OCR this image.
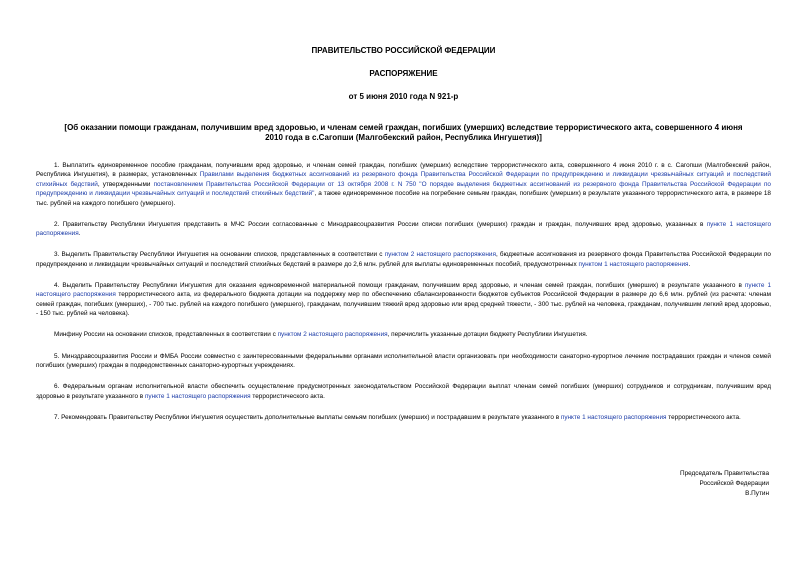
ПРАВИТЕЛЬСТВО РОССИЙСКОЙ ФЕДЕРАЦИИ
РАСПОРЯЖЕНИЕ
от 5 июня 2010 года N 921-р
[Об оказании помощи гражданам, получившим вред здоровью, и членам семей граждан, погибших (умерших) вследствие террористического акта, совершенного 4 июня 2010 года в с.Сагопши (Малгобекский район, Республика Ингушетия)]

1. Выплатить единовременное пособие гражданам, получившим вред здоровью, и членам семей граждан, погибших (умерших) вследствие террористического акта, совершенного 4 июня 2010 г. в с. Сагопши (Малгобекский район, Республика Ингушетия), в размерах, установленных Правилами выделения бюджетных ассигнований из резервного фонда Правительства Российской Федерации по предупреждению и ликвидации чрезвычайных ситуаций и последствий стихийных бедствий, утвержденными постановлением Правительства Российской Федерации от 13 октября 2008 г. N 750 "О порядке выделения бюджетных ассигнований из резервного фонда Правительства Российской Федерации по предупреждению и ликвидации чрезвычайных ситуаций и последствий стихийных бедствий", а также единовременное пособие на погребение семьям граждан, погибших (умерших) в результате указанного террористического акта, в размере 18 тыс. рублей на каждого погибшего (умершего).

2. Правительству Республики Ингушетия представить в МЧС России согласованные с Минздравсоцразвития России списки погибших (умерших) граждан и граждан, получивших вред здоровью, указанных в пункте 1 настоящего распоряжения.

3. Выделить Правительству Республики Ингушетия на основании списков, представленных в соответствии с пунктом 2 настоящего распоряжения, бюджетные ассигнования из резервного фонда Правительства Российской Федерации по предупреждению и ликвидации чрезвычайных ситуаций и последствий стихийных бедствий в размере до 2,6 млн. рублей для выплаты единовременных пособий, предусмотренных пунктом 1 настоящего распоряжения.

4. Выделить Правительству Республики Ингушетия для оказания единовременной материальной помощи гражданам, получившим вред здоровью, и членам семей граждан, погибших (умерших) в результате указанного в пункте 1 настоящего распоряжения террористического акта, из федерального бюджета дотации на поддержку мер по обеспечению сбалансированности бюджетов субъектов Российской Федерации в размере до 6,6 млн. рублей (из расчета: членам семей граждан, погибших (умерших), - 700 тыс. рублей на каждого погибшего (умершего), гражданам, получившим тяжкий вред здоровью или вред средней тяжести, - 300 тыс. рублей на человека, гражданам, получившим легкий вред здоровью, - 150 тыс. рублей на человека).

Минфину России на основании списков, представленных в соответствии с пунктом 2 настоящего распоряжения, перечислить указанные дотации бюджету Республики Ингушетия.

5. Минздравсоцразвития России и ФМБА России совместно с заинтересованными федеральными органами исполнительной власти организовать при необходимости санаторно-курортное лечение пострадавших граждан и членов семей погибших (умерших) граждан в подведомственных санаторно-курортных учреждениях.

6. Федеральным органам исполнительной власти обеспечить осуществление предусмотренных законодательством Российской Федерации выплат членам семей погибших (умерших) сотрудников и сотрудникам, получившим вред здоровью в результате указанного в пункте 1 настоящего распоряжения террористического акта.

7. Рекомендовать Правительству Республики Ингушетия осуществить дополнительные выплаты семьям погибших (умерших) и пострадавшим в результате указанного в пункте 1 настоящего распоряжения террористического акта.

Председатель Правительства
Российской Федерации
В.Путин
